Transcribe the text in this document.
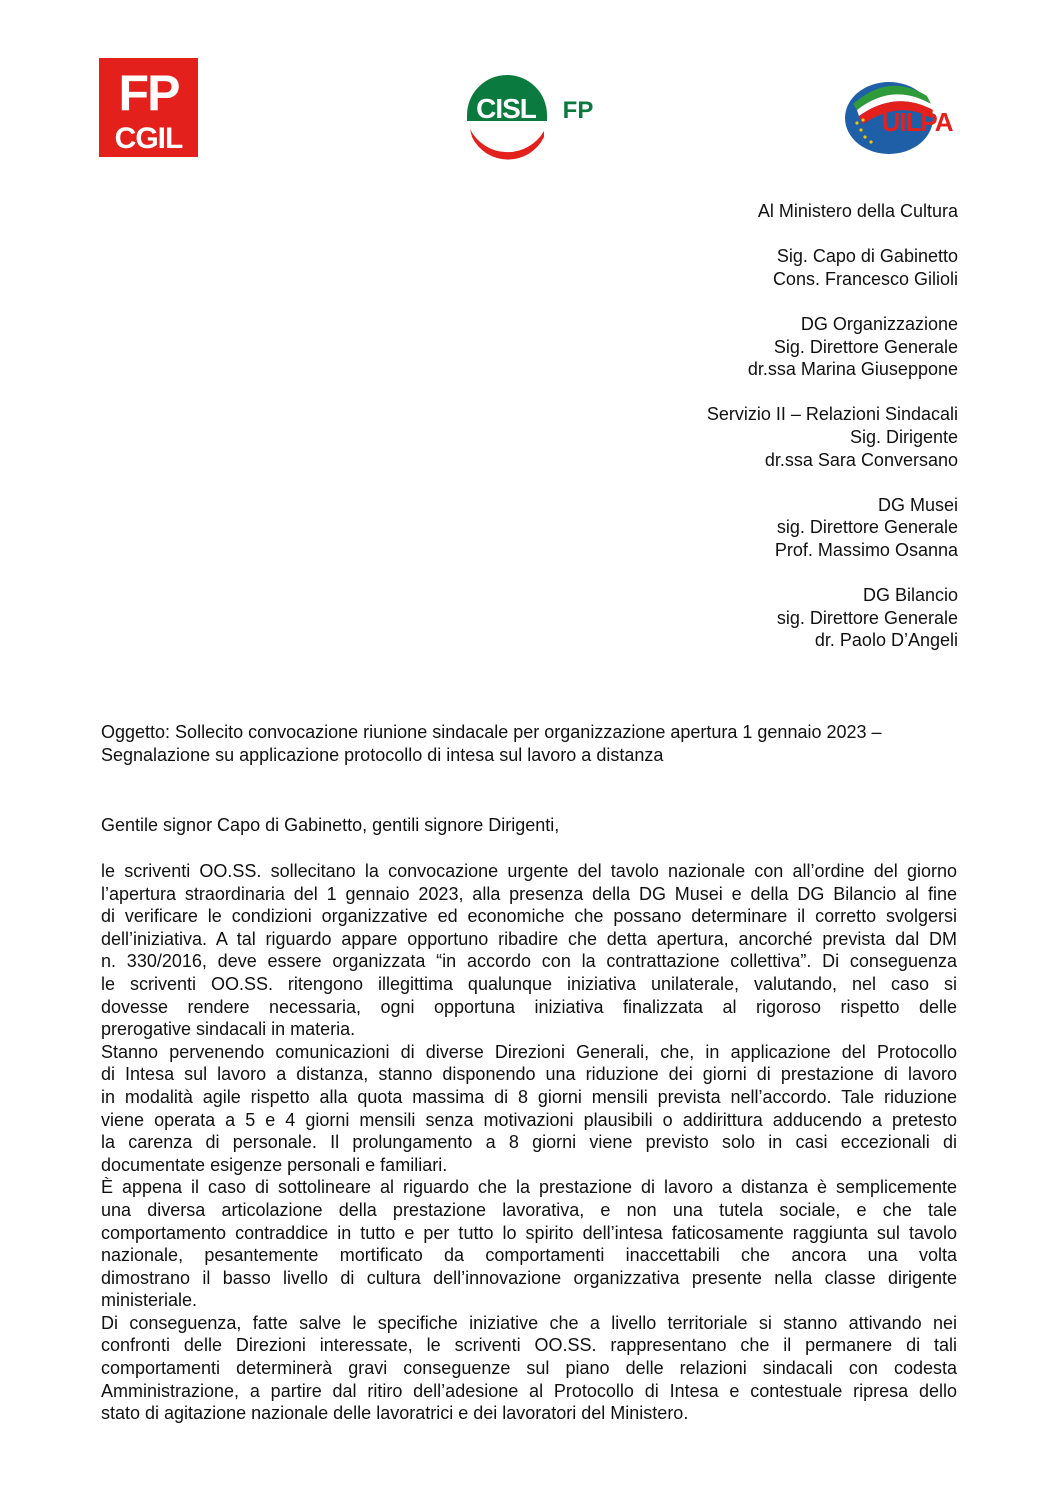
FP
CGIL
CISL FP	UILPA
Al Ministero della Cultura
Sig. Capo di Gabinetto
Cons. Francesco Gilioli
DG Organizzazione
Sig. Direttore Generale
dr.ssa Marina Giuseppone
Servizio II – Relazioni Sindacali
Sig. Dirigente
dr.ssa Sara Conversano
DG Musei
sig. Direttore Generale
Prof. Massimo Osanna
DG Bilancio
sig. Direttore Generale
dr. Paolo D’Angeli
Oggetto: Sollecito convocazione riunione sindacale per organizzazione apertura 1 gennaio 2023 –
Segnalazione su applicazione protocollo di intesa sul lavoro a distanza
Gentile signor Capo di Gabinetto, gentili signore Dirigenti,

le scriventi OO.SS. sollecitano la convocazione urgente del tavolo nazionale con all’ordine del giorno
l’apertura straordinaria del 1 gennaio 2023, alla presenza della DG Musei e della DG Bilancio al fine
di verificare le condizioni organizzative ed economiche che possano determinare il corretto svolgersi
dell’iniziativa. A tal riguardo appare opportuno ribadire che detta apertura, ancorché prevista dal DM
n. 330/2016, deve essere organizzata “in accordo con la contrattazione collettiva”. Di conseguenza
le scriventi OO.SS. ritengono illegittima qualunque iniziativa unilaterale, valutando, nel caso si
dovesse rendere necessaria, ogni opportuna iniziativa finalizzata al rigoroso rispetto delle
prerogative sindacali in materia.

Stanno pervenendo comunicazioni di diverse Direzioni Generali, che, in applicazione del Protocollo
di Intesa sul lavoro a distanza, stanno disponendo una riduzione dei giorni di prestazione di lavoro
in modalità agile rispetto alla quota massima di 8 giorni mensili prevista nell’accordo. Tale riduzione
viene operata a 5 e 4 giorni mensili senza motivazioni plausibili o addirittura adducendo a pretesto
la carenza di personale. Il prolungamento a 8 giorni viene previsto solo in casi eccezionali di
documentate esigenze personali e familiari.

È appena il caso di sottolineare al riguardo che la prestazione di lavoro a distanza è semplicemente
una diversa articolazione della prestazione lavorativa, e non una tutela sociale, e che tale
comportamento contraddice in tutto e per tutto lo spirito dell’intesa faticosamente raggiunta sul tavolo
nazionale, pesantemente mortificato da comportamenti inaccettabili che ancora una volta
dimostrano il basso livello di cultura dell’innovazione organizzativa presente nella classe dirigente
ministeriale.

Di conseguenza, fatte salve le specifiche iniziative che a livello territoriale si stanno attivando nei
confronti delle Direzioni interessate, le scriventi OO.SS. rappresentano che il permanere di tali
comportamenti determinerà gravi conseguenze sul piano delle relazioni sindacali con codesta
Amministrazione, a partire dal ritiro dell’adesione al Protocollo di Intesa e contestuale ripresa dello
stato di agitazione nazionale delle lavoratrici e dei lavoratori del Ministero.
